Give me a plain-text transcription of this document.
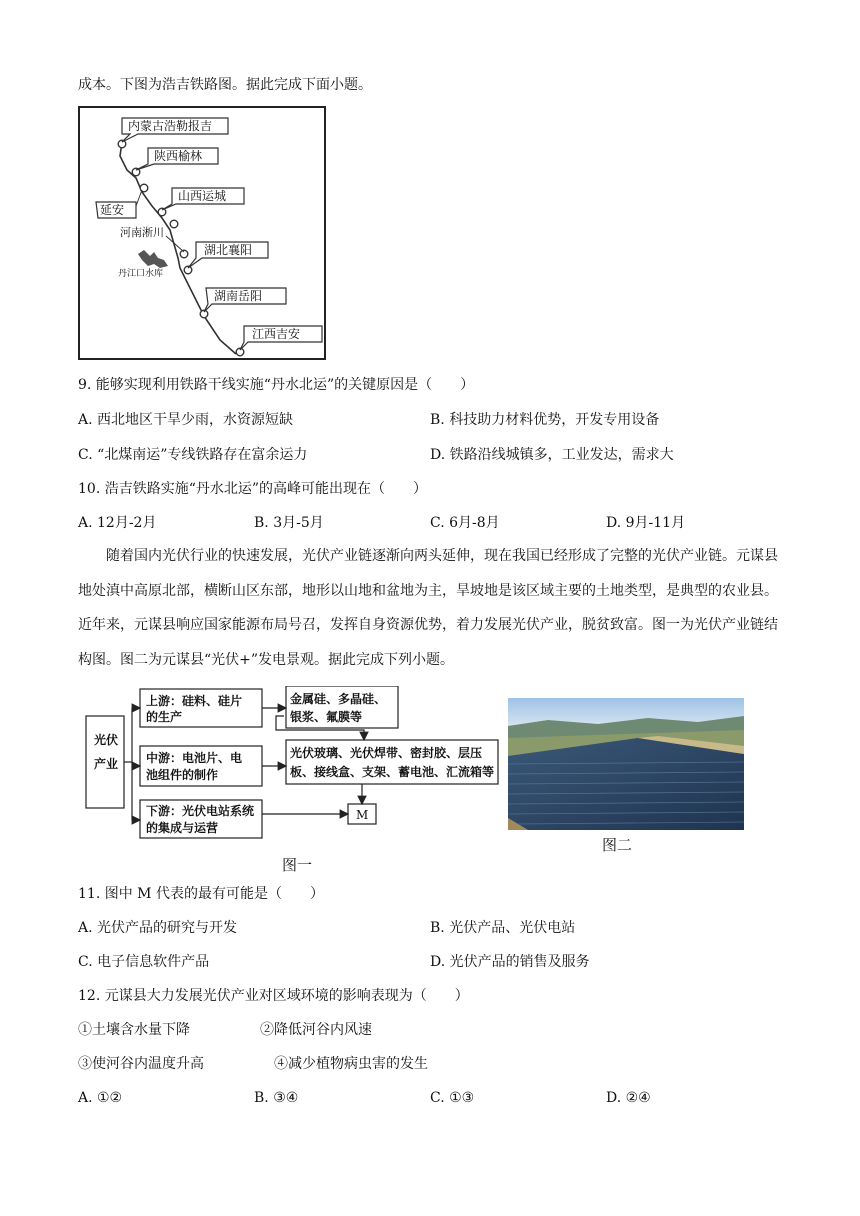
成本。下图为浩吉铁路图。据此完成下面小题。
内蒙古浩勒报吉
陕西榆林
延安
山西运城
河南淅川
丹江口水库
湖北襄阳
湖南岳阳
江西吉安
9. 能够实现利用铁路干线实施“丹水北运”的关键原因是（　　）
A. 西北地区干旱少雨，水资源短缺	B. 科技助力材料优势，开发专用设备
C. “北煤南运”专线铁路存在富余运力	D. 铁路沿线城镇多，工业发达，需求大
10. 浩吉铁路实施“丹水北运”的高峰可能出现在（　　）
A. 12月-2月	B. 3月-5月	C. 6月-8月	D. 9月-11月
随着国内光伏行业的快速发展，光伏产业链逐渐向两头延伸，现在我国已经形成了完整的光伏产业链。元谋县地处滇中高原北部，横断山区东部，地形以山地和盆地为主，旱坡地是该区域主要的土地类型，是典型的农业县。近年来，元谋县响应国家能源布局号召，发挥自身资源优势，着力发展光伏产业，脱贫致富。图一为光伏产业链结构图。图二为元谋县“光伏+”发电景观。据此完成下列小题。
光伏
产业
上游：硅料、硅片
的生产
中游：电池片、电
池组件的制作
下游：光伏电站系统
的集成与运营
金属硅、多晶硅、
银浆、氟膜等
光伏玻璃、光伏焊带、密封胶、层压
板、接线盒、支架、蓄电池、汇流箱等
M
图一
图二
11. 图中 M 代表的最有可能是（　　）
A. 光伏产品的研究与开发	B. 光伏产品、光伏电站
C. 电子信息软件产品	D. 光伏产品的销售及服务
12. 元谋县大力发展光伏产业对区域环境的影响表现为（　　）
①土壤含水量下降	②降低河谷内风速
③使河谷内温度升高	④减少植物病虫害的发生
A. ①②	B. ③④	C. ①③	D. ②④
